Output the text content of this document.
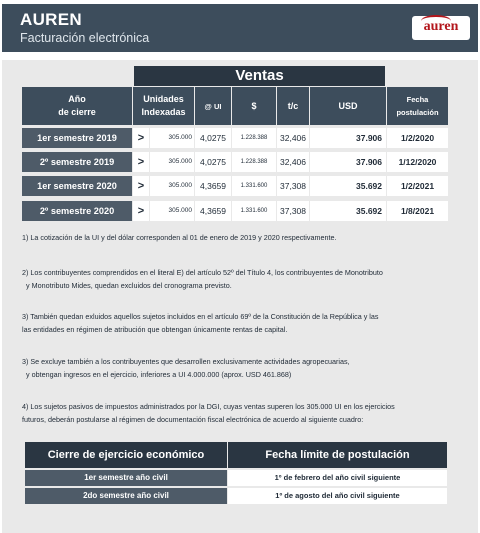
AUREN
Facturación electrónica
auren
Ventas
Año
de cierre
Unidades
Indexadas
@ UI	$	t/c	USD
Fecha
postulación
1er semestre 2019	>	305.000 4,0275	1.228.388	32,406	37.906	1/2/2020
2º semestre 2019	>	305.000 4,0275	1.228.388	32,406	37.906	1/12/2020
1er semestre 2020	>	305.000 4,3659	1.331.600	37,308	35.692	1/2/2021
2º semestre 2020	>	305.000 4,3659	1.331.600	37,308	35.692	1/8/2021
1) La cotización de la UI y del dólar corresponden al 01 de enero de 2019 y 2020 respectivamente.
2) Los contribuyentes comprendidos en el literal E) del artículo 52º del Título 4, los contribuyentes de Monotributo
y Monotributo Mides, quedan excluidos del cronograma previsto.
3) También quedan exluidos aquellos sujetos incluidos en el artículo 69º de la Constitución de la República y las
las entidades en régimen de atribución que obtengan únicamente rentas de capital.
3) Se excluye también a los contribuyentes que desarrollen exclusivamente actividades agropecuarias,
y obtengan ingresos en el ejercicio, inferiores a UI 4.000.000 (aprox. USD 461.868)
4) Los sujetos pasivos de impuestos administrados por la DGI, cuyas ventas superen los 305.000 UI en los ejercicios
futuros, deberán postularse al régimen de documentación fiscal electrónica de acuerdo al siguiente cuadro:
Cierre de ejercicio económico	Fecha límite de postulación
1er semestre año civil	1º de febrero del año civil siguiente
2do semestre año civil	1º de agosto del año civil siguiente
